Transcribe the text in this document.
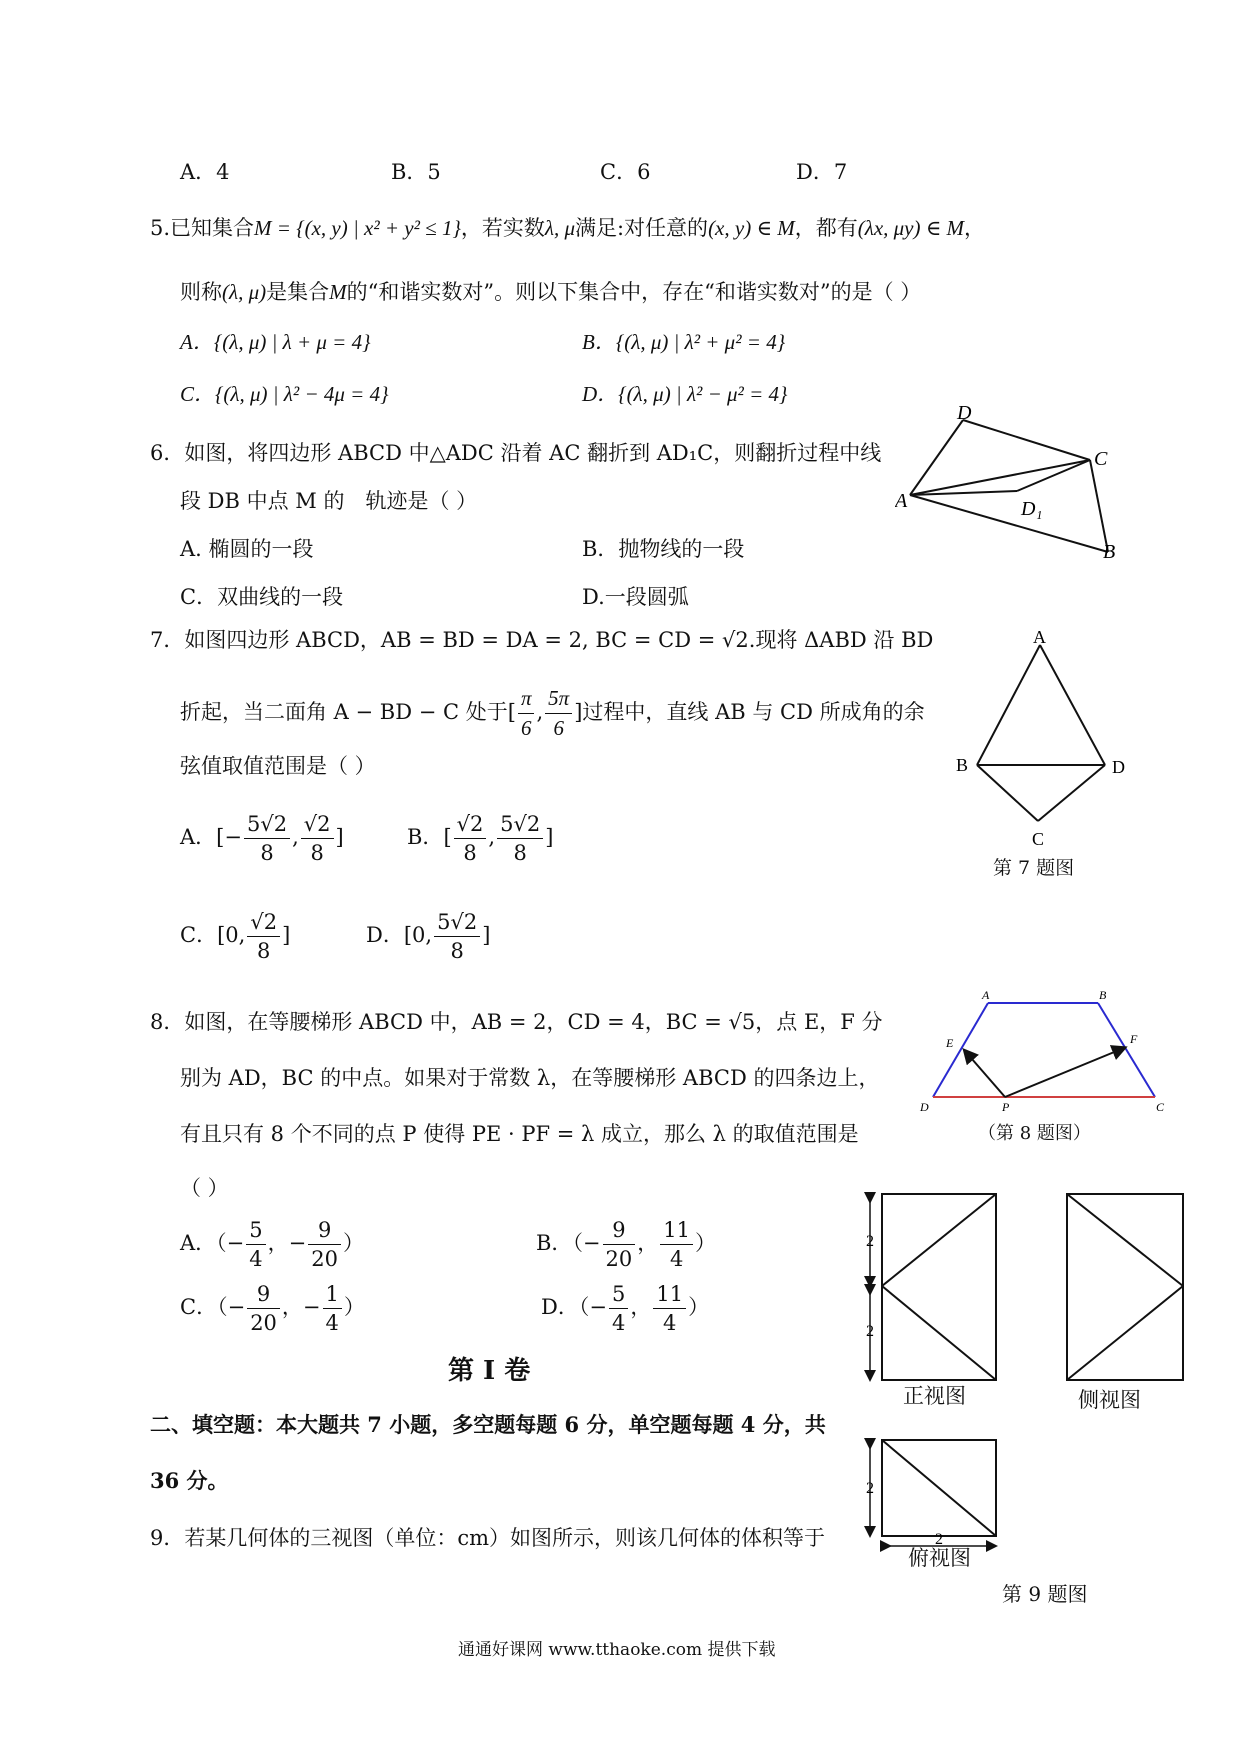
A．4	B．5	C．6	D．7
5.已知集合M = {(x, y) | x² + y² ≤ 1}，若实数λ, μ满足:对任意的(x, y) ∈ M，都有(λx, μy) ∈ M，
则称(λ, μ)是集合M的“和谐实数对”。则以下集合中，存在“和谐实数对”的是（ ）
A．{(λ, μ) | λ + μ = 4}	B．{(λ, μ) | λ² + μ² = 4}
C．{(λ, μ) | λ² − 4μ = 4}	D．{(λ, μ) | λ² − μ² = 4}
6．如图，将四边形 ABCD 中△ADC 沿着 AC 翻折到 AD₁C，则翻折过程中线
段 DB 中点 M 的　轨迹是（ ）
A. 椭圆的一段	B．抛物线的一段
C．双曲线的一段	D.一段圆弧
D
A
C
D₁
B
7．如图四边形 ABCD，AB = BD = DA = 2, BC = CD = √2.现将 ΔABD 沿 BD
折起，当二面角 A − BD − C 处于[ $\frac{\pi}{6}$ , $\frac{5\pi}{6}$ ]过程中，直线 AB 与 CD 所成角的余
弦值取值范围是（ ）
A．[− $\frac{5√2}{8}$ , $\frac{√2}{8}$ ]	B．[ $\frac{√2}{8}$ , $\frac{5√2}{8}$ ]
C．[0, $\frac{√2}{8}$ ]	D．[0, $\frac{5√2}{8}$ ]
A
B	D
C
第 7 题图
8．如图，在等腰梯形 ABCD 中，AB = 2，CD = 4，BC = √5，点 E，F 分
别为 AD，BC 的中点。如果对于常数 λ，在等腰梯形 ABCD 的四条边上，
有且只有 8 个不同的点 P 使得 PE · PF = λ 成立，那么 λ 的取值范围是
（ ）
A．（− $\frac{5}{4}$ ，− $\frac{9}{20}$ ）	B．（− $\frac{9}{20}$ ， $\frac{11}{4}$ ）
C．（− $\frac{9}{20}$ ，− $\frac{1}{4}$ ）	D．（− $\frac{5}{4}$ ， $\frac{11}{4}$ ）
A	B
E	F
D	P	C
（第 8 题图）
第 I 卷
二、填空题：本大题共 7 小题，多空题每题 6 分，单空题每题 4 分，共
36 分。
9．若某几何体的三视图（单位：cm）如图所示，则该几何体的体积等于
2
2
2
2
正视图	侧视图
俯视图
第 9 题图
通通好课网 www.tthaoke.com 提供下载
